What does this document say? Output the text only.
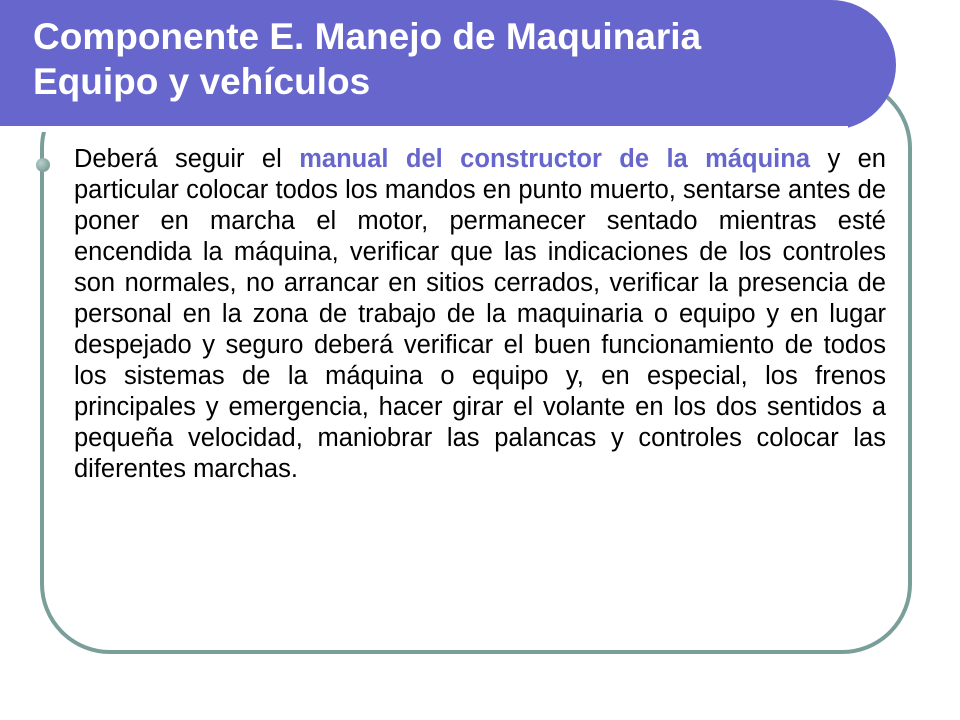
Componente E. Manejo de Maquinaria
Equipo y vehículos

Deberá seguir el manual del constructor de la máquina y en particular colocar todos los mandos en punto muerto, sentarse antes de poner en marcha el motor, permanecer sentado mientras esté encendida la máquina, verificar que las indicaciones de los controles son normales, no arrancar en sitios cerrados, verificar la presencia de personal en la zona de trabajo de la maquinaria o equipo y en lugar despejado y seguro deberá verificar el buen funcionamiento de todos los sistemas de la máquina o equipo y, en especial, los frenos principales y emergencia, hacer girar el volante en los dos sentidos a pequeña velocidad, maniobrar las palancas y controles colocar las diferentes marchas.
